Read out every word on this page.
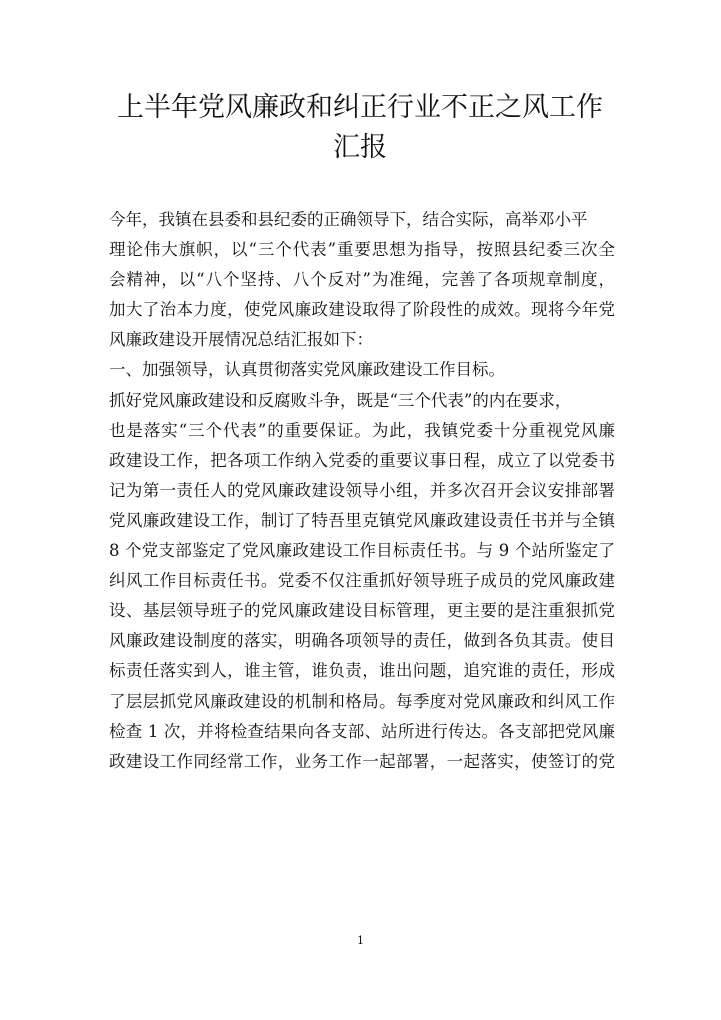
上半年党风廉政和纠正行业不正之风工作
汇报
今年，我镇在县委和县纪委的正确领导下，结合实际，高举邓小平
理论伟大旗帜，以“三个代表”重要思想为指导，按照县纪委三次全
会精神，以“八个坚持、八个反对”为准绳，完善了各项规章制度，
加大了治本力度，使党风廉政建设取得了阶段性的成效。现将今年党
风廉政建设开展情况总结汇报如下：
一、加强领导，认真贯彻落实党风廉政建设工作目标。
抓好党风廉政建设和反腐败斗争，既是“三个代表”的内在要求，
也是落实“三个代表”的重要保证。为此，我镇党委十分重视党风廉
政建设工作，把各项工作纳入党委的重要议事日程，成立了以党委书
记为第一责任人的党风廉政建设领导小组，并多次召开会议安排部署
党风廉政建设工作，制订了特吾里克镇党风廉政建设责任书并与全镇
8 个党支部鉴定了党风廉政建设工作目标责任书。与 9 个站所鉴定了
纠风工作目标责任书。党委不仅注重抓好领导班子成员的党风廉政建
设、基层领导班子的党风廉政建设目标管理，更主要的是注重狠抓党
风廉政建设制度的落实，明确各项领导的责任，做到各负其责。使目
标责任落实到人，谁主管，谁负责，谁出问题，追究谁的责任，形成
了层层抓党风廉政建设的机制和格局。每季度对党风廉政和纠风工作
检查 1 次，并将检查结果向各支部、站所进行传达。各支部把党风廉
政建设工作同经常工作，业务工作一起部署，一起落实，使签订的党
1
